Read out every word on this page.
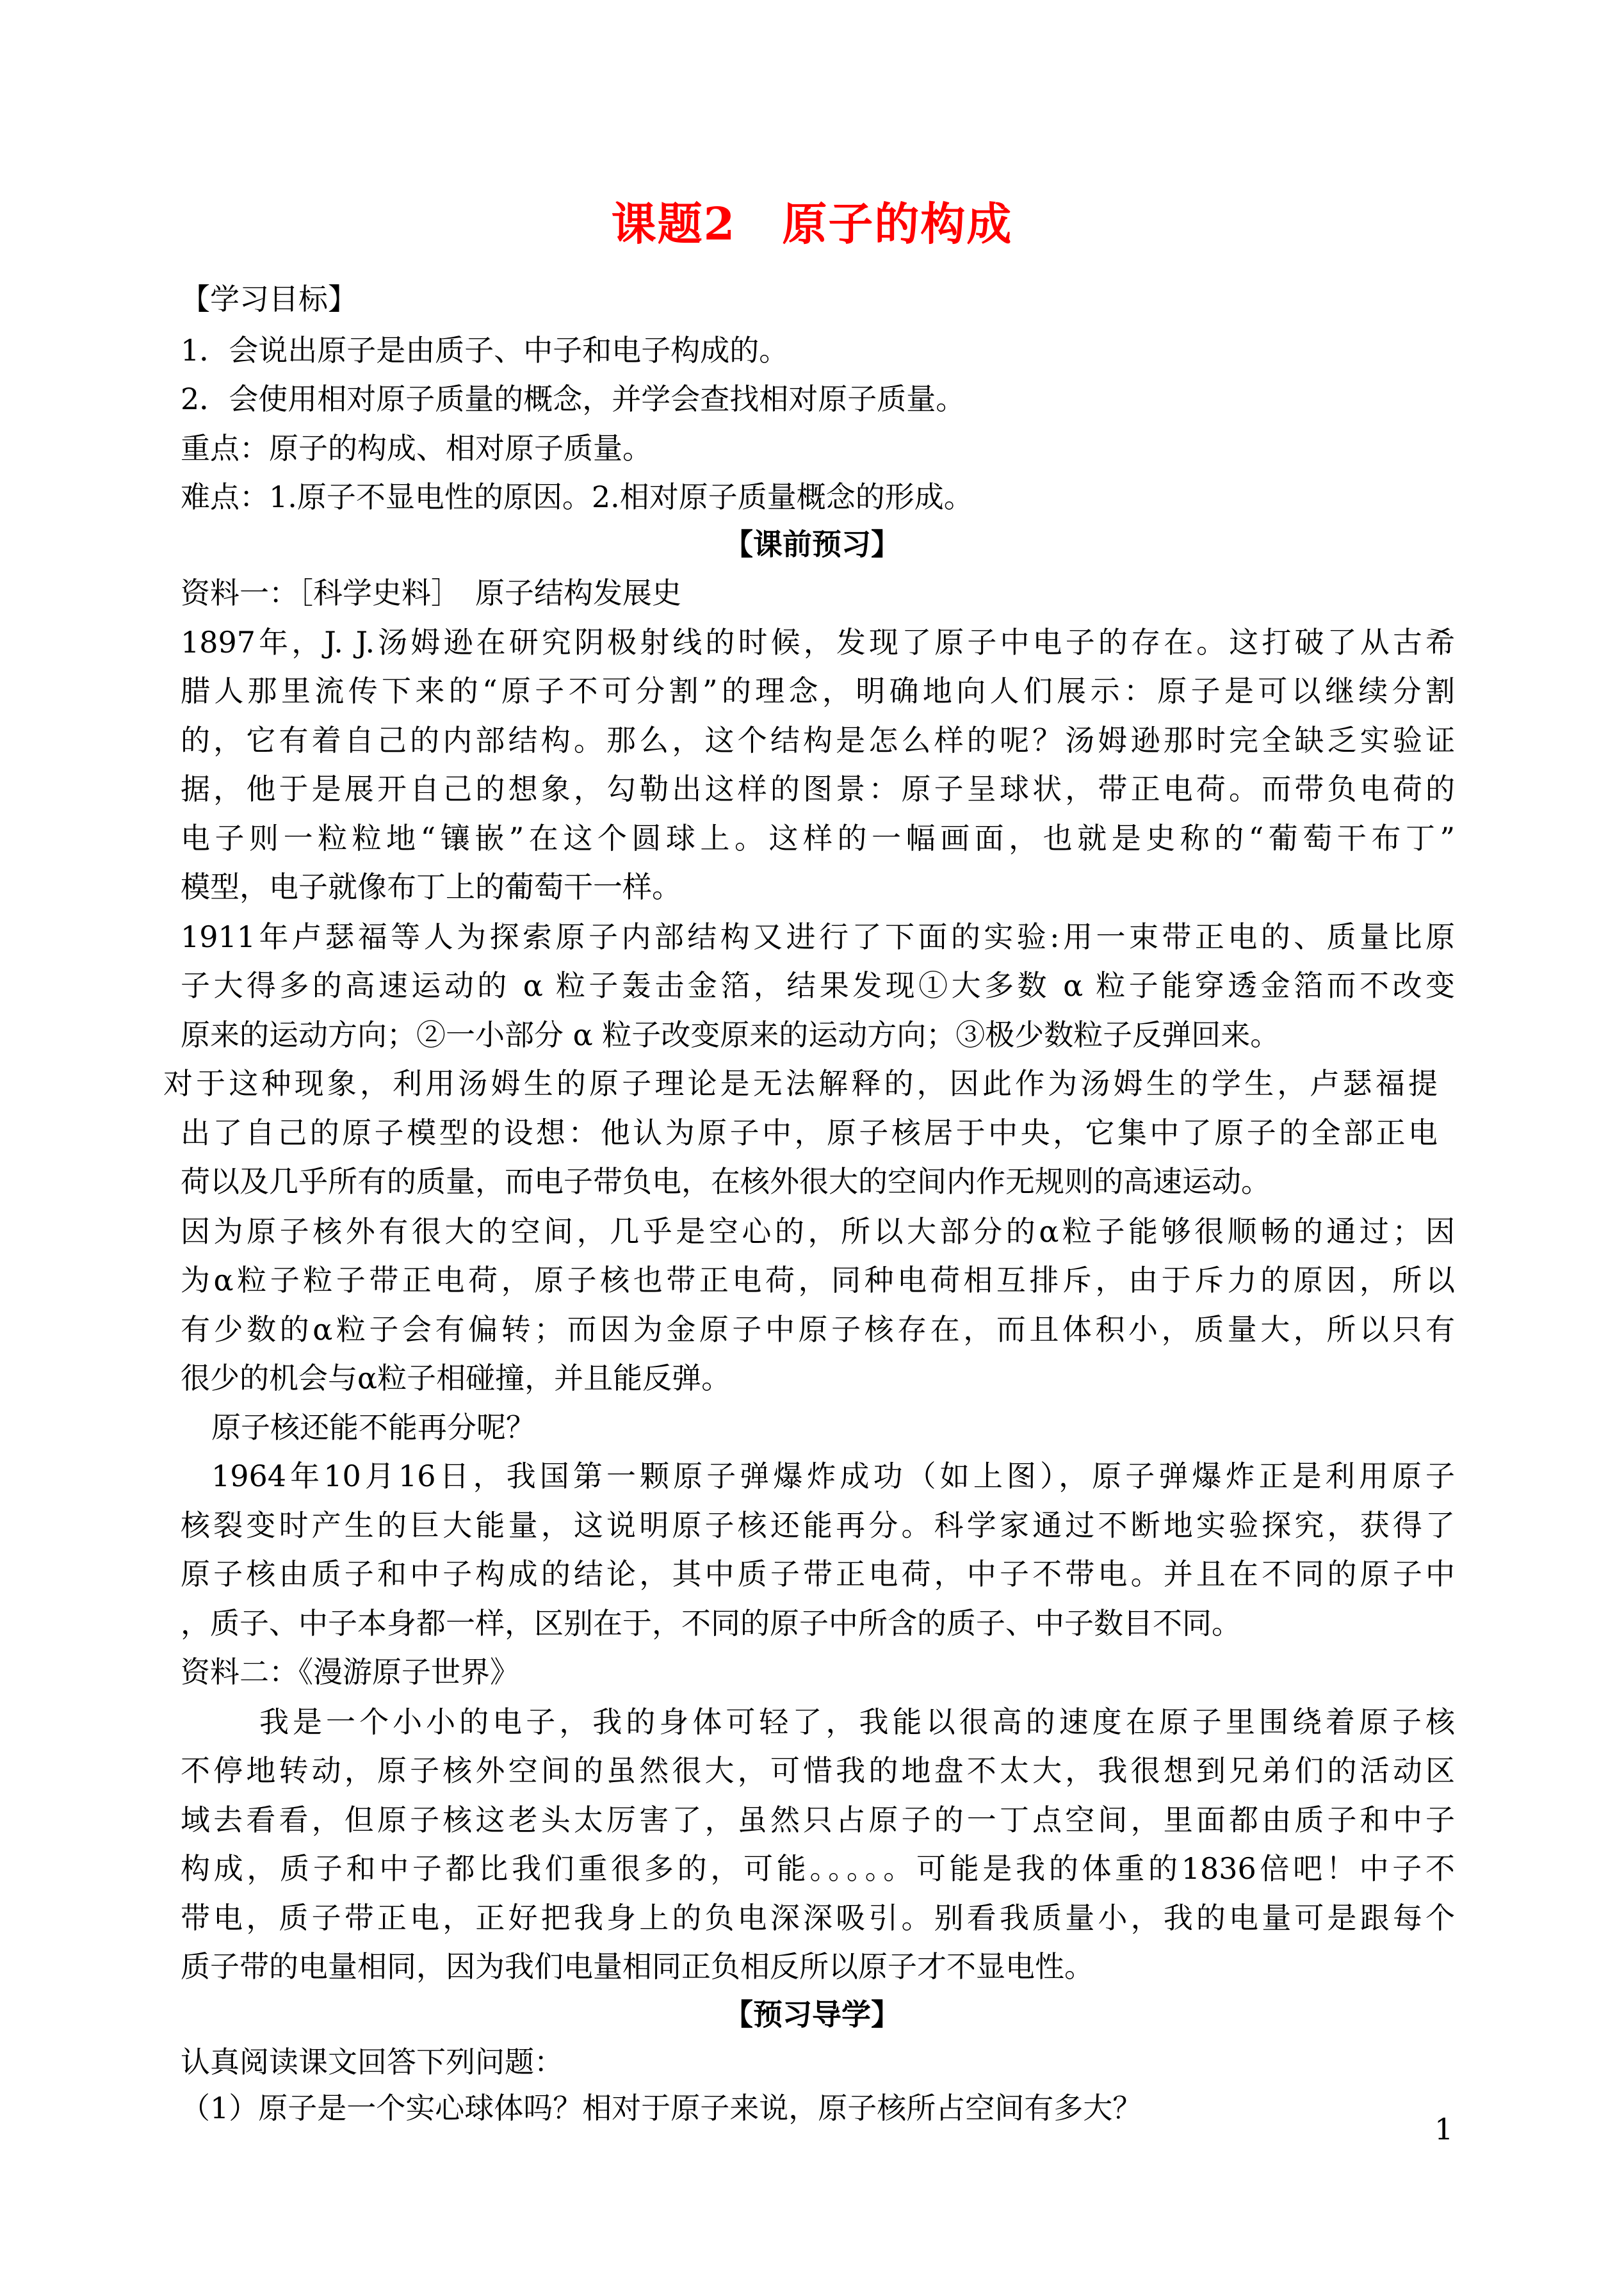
课题2　原子的构成
【学习目标】
1．会说出原子是由质子、中子和电子构成的。
2．会使用相对原子质量的概念，并学会查找相对原子质量。
重点：原子的构成、相对原子质量。
难点：1.原子不显电性的原因。2.相对原子质量概念的形成。
【课前预习】
资料一：［科学史料］　原子结构发展史
1897年，J. J.汤姆逊在研究阴极射线的时候，发现了原子中电子的存在。这打破了从古希
腊人那里流传下来的“原子不可分割”的理念，明确地向人们展示：原子是可以继续分割
的，它有着自己的内部结构。那么，这个结构是怎么样的呢？汤姆逊那时完全缺乏实验证
据，他于是展开自己的想象，勾勒出这样的图景：原子呈球状，带正电荷。而带负电荷的
电子则一粒粒地“镶嵌”在这个圆球上。这样的一幅画面，也就是史称的“葡萄干布丁”
模型，电子就像布丁上的葡萄干一样。
1911年卢瑟福等人为探索原子内部结构又进行了下面的实验:用一束带正电的、质量比原
子大得多的高速运动的 α 粒子轰击金箔，结果发现①大多数 α 粒子能穿透金箔而不改变
原来的运动方向；②一小部分 α 粒子改变原来的运动方向；③极少数粒子反弹回来。
对于这种现象，利用汤姆生的原子理论是无法解释的，因此作为汤姆生的学生，卢瑟福提
出了自己的原子模型的设想：他认为原子中，原子核居于中央，它集中了原子的全部正电
荷以及几乎所有的质量，而电子带负电，在核外很大的空间内作无规则的高速运动。
因为原子核外有很大的空间，几乎是空心的，所以大部分的α粒子能够很顺畅的通过；因
为α粒子粒子带正电荷，原子核也带正电荷，同种电荷相互排斥，由于斥力的原因，所以
有少数的α粒子会有偏转；而因为金原子中原子核存在，而且体积小，质量大，所以只有
很少的机会与α粒子相碰撞，并且能反弹。
原子核还能不能再分呢？
1964年10月16日，我国第一颗原子弹爆炸成功（如上图），原子弹爆炸正是利用原子
核裂变时产生的巨大能量，这说明原子核还能再分。科学家通过不断地实验探究，获得了
原子核由质子和中子构成的结论，其中质子带正电荷，中子不带电。并且在不同的原子中
，质子、中子本身都一样，区别在于，不同的原子中所含的质子、中子数目不同。
资料二：《漫游原子世界》
我是一个小小的电子，我的身体可轻了，我能以很高的速度在原子里围绕着原子核
不停地转动，原子核外空间的虽然很大，可惜我的地盘不太大，我很想到兄弟们的活动区
域去看看，但原子核这老头太厉害了，虽然只占原子的一丁点空间，里面都由质子和中子
构成，质子和中子都比我们重很多的，可能。。。。。可能是我的体重的1836倍吧！中子不
带电，质子带正电，正好把我身上的负电深深吸引。别看我质量小，我的电量可是跟每个
质子带的电量相同，因为我们电量相同正负相反所以原子才不显电性。
【预习导学】
认真阅读课文回答下列问题：
（1）原子是一个实心球体吗？相对于原子来说，原子核所占空间有多大？
1
